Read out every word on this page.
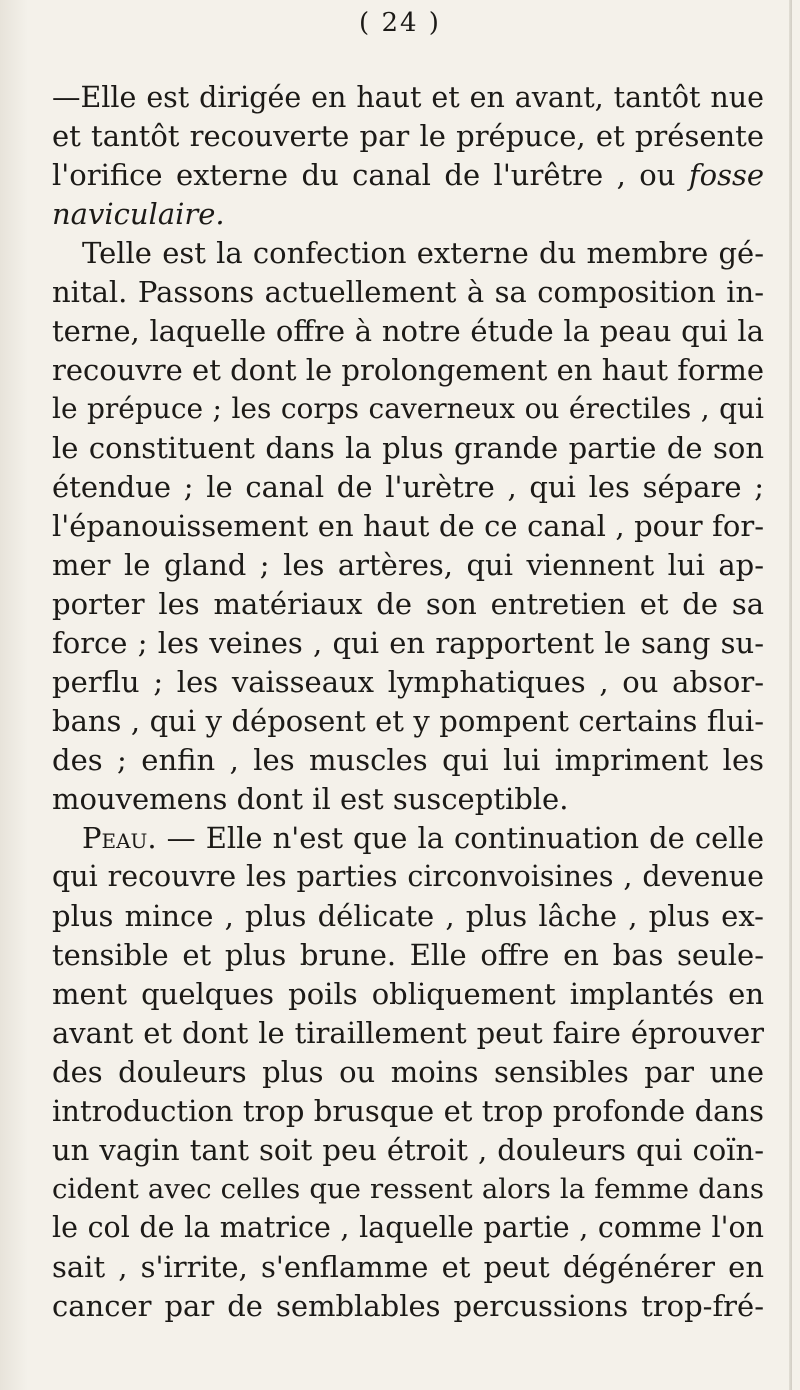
( 24 )
—Elle est dirigée en haut et en avant, tantôt nue
et tantôt recouverte par le prépuce, et présente
l'orifice externe du canal de l'urêtre , ou fosse
naviculaire.
Telle est la confection externe du membre gé-
nital. Passons actuellement à sa composition in-
terne, laquelle offre à notre étude la peau qui la
recouvre et dont le prolongement en haut forme
le prépuce ; les corps caverneux ou érectiles , qui
le constituent dans la plus grande partie de son
étendue ; le canal de l'urètre , qui les sépare ;
l'épanouissement en haut de ce canal , pour for-
mer le gland ; les artères, qui viennent lui ap-
porter les matériaux de son entretien et de sa
force ; les veines , qui en rapportent le sang su-
perflu ; les vaisseaux lymphatiques , ou absor-
bans , qui y déposent et y pompent certains flui-
des ; enfin , les muscles qui lui impriment les
mouvemens dont il est susceptible.
Peau. — Elle n'est que la continuation de celle
qui recouvre les parties circonvoisines , devenue
plus mince , plus délicate , plus lâche , plus ex-
tensible et plus brune. Elle offre en bas seule-
ment quelques poils obliquement implantés en
avant et dont le tiraillement peut faire éprouver
des douleurs plus ou moins sensibles par une
introduction trop brusque et trop profonde dans
un vagin tant soit peu étroit , douleurs qui coïn-
cident avec celles que ressent alors la femme dans
le col de la matrice , laquelle partie , comme l'on
sait , s'irrite, s'enflamme et peut dégénérer en
cancer par de semblables percussions trop-fré-
